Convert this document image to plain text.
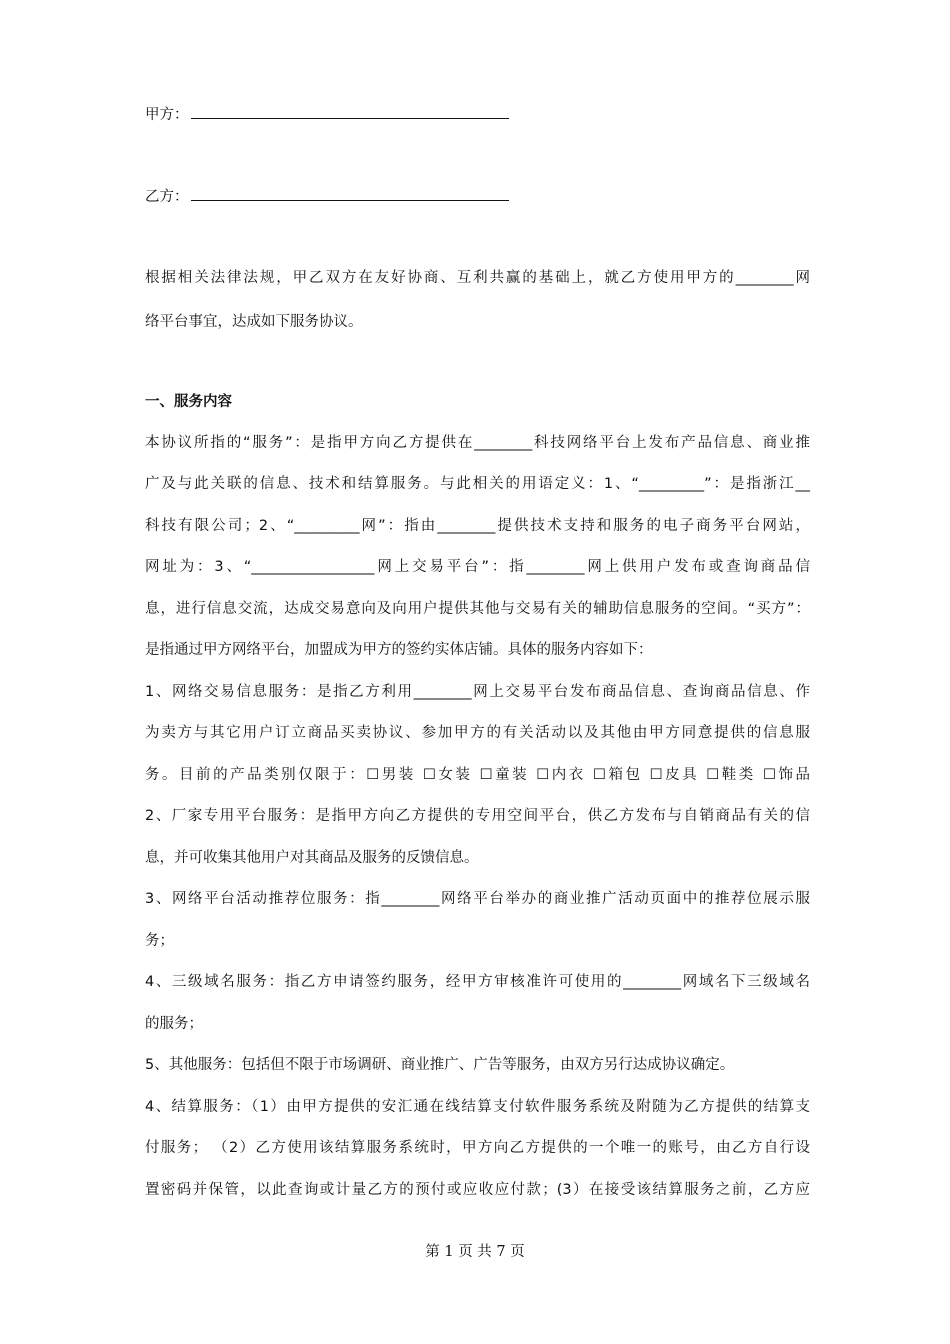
甲方：
乙方：
根据相关法律法规，甲乙双方在友好协商、互利共赢的基础上，就乙方使用甲方的________网
络平台事宜，达成如下服务协议。
一、服务内容
本协议所指的“服务”：是指甲方向乙方提供在________科技网络平台上发布产品信息、商业推
广及与此关联的信息、技术和结算服务。与此相关的用语定义：1、“_________”：是指浙江__
科技有限公司；2、“_________网”：指由________提供技术支持和服务的电子商务平台网站，
网址为：3、“_________________网上交易平台”：指________网上供用户发布或查询商品信
息，进行信息交流，达成交易意向及向用户提供其他与交易有关的辅助信息服务的空间。“买方”：
是指通过甲方网络平台，加盟成为甲方的签约实体店铺。具体的服务内容如下：
1、网络交易信息服务：是指乙方利用________网上交易平台发布商品信息、查询商品信息、作
为卖方与其它用户订立商品买卖协议、参加甲方的有关活动以及其他由甲方同意提供的信息服
务。目前的产品类别仅限于：☐男装 ☐女装 ☐童装 ☐内衣 ☐箱包 ☐皮具 ☐鞋类 ☐饰品
2、厂家专用平台服务：是指甲方向乙方提供的专用空间平台，供乙方发布与自销商品有关的信
息，并可收集其他用户对其商品及服务的反馈信息。
3、网络平台活动推荐位服务：指________网络平台举办的商业推广活动页面中的推荐位展示服
务；
4、三级域名服务：指乙方申请签约服务，经甲方审核准许可使用的________网域名下三级域名
的服务；
5、其他服务：包括但不限于市场调研、商业推广、广告等服务，由双方另行达成协议确定。
4、结算服务：（1）由甲方提供的安汇通在线结算支付软件服务系统及附随为乙方提供的结算支
付服务； （2）乙方使用该结算服务系统时，甲方向乙方提供的一个唯一的账号，由乙方自行设
置密码并保管，以此查询或计量乙方的预付或应收应付款；(3）在接受该结算服务之前，乙方应
第 1 页 共 7 页
